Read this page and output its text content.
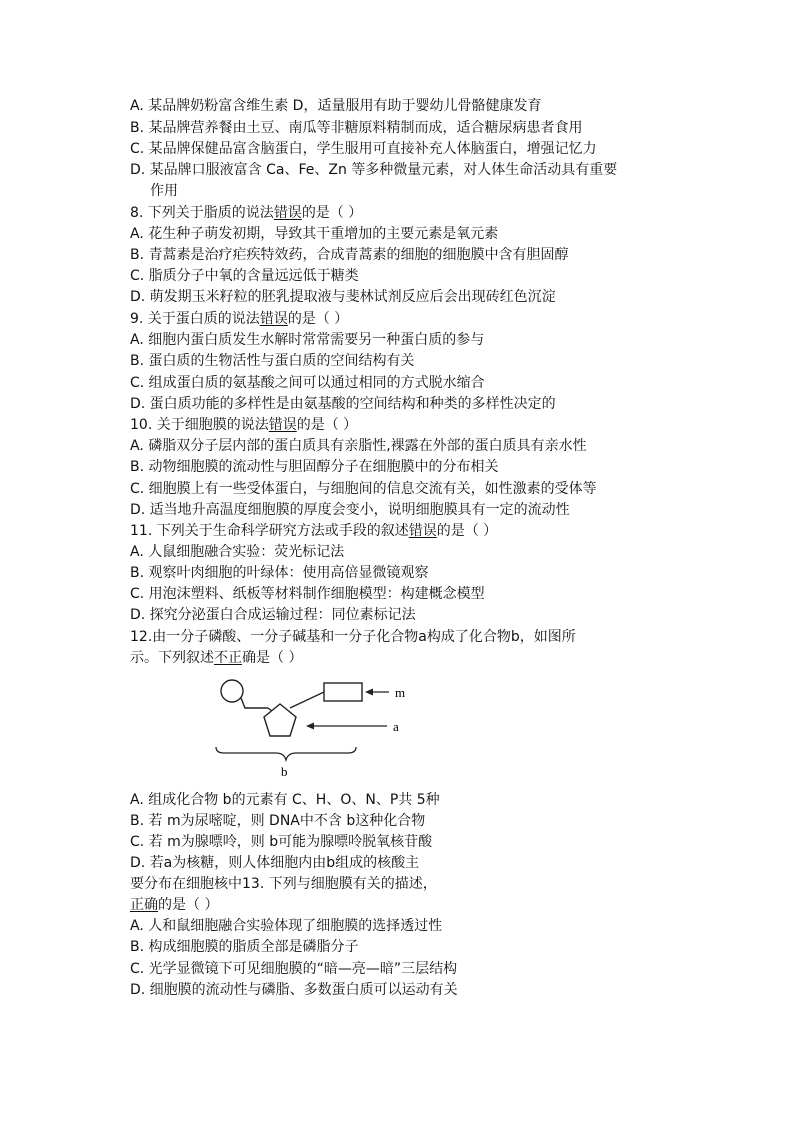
A. 某品牌奶粉富含维生素 D，适量服用有助于婴幼儿骨骼健康发育
B. 某品牌营养餐由土豆、南瓜等非糖原料精制而成，适合糖尿病患者食用
C. 某品牌保健品富含脑蛋白，学生服用可直接补充人体脑蛋白，增强记忆力
D. 某品牌口服液富含 Ca、Fe、Zn 等多种微量元素，对人体生命活动具有重要
作用
8. 下列关于脂质的说法错误的是（ ）
A. 花生种子萌发初期，导致其干重增加的主要元素是氧元素
B. 青蒿素是治疗疟疾特效药，合成青蒿素的细胞的细胞膜中含有胆固醇
C. 脂质分子中氧的含量远远低于糖类
D. 萌发期玉米籽粒的胚乳提取液与斐林试剂反应后会出现砖红色沉淀
9. 关于蛋白质的说法错误的是（ ）
A. 细胞内蛋白质发生水解时常常需要另一种蛋白质的参与
B. 蛋白质的生物活性与蛋白质的空间结构有关
C. 组成蛋白质的氨基酸之间可以通过相同的方式脱水缩合
D. 蛋白质功能的多样性是由氨基酸的空间结构和种类的多样性决定的
10. 关于细胞膜的说法错误的是（ ）
A. 磷脂双分子层内部的蛋白质具有亲脂性,裸露在外部的蛋白质具有亲水性
B. 动物细胞膜的流动性与胆固醇分子在细胞膜中的分布相关
C. 细胞膜上有一些受体蛋白，与细胞间的信息交流有关，如性激素的受体等
D. 适当地升高温度细胞膜的厚度会变小，说明细胞膜具有一定的流动性
11. 下列关于生命科学研究方法或手段的叙述错误的是（ ）
A. 人鼠细胞融合实验：荧光标记法
B. 观察叶肉细胞的叶绿体：使用高倍显微镜观察
C. 用泡沫塑料、纸板等材料制作细胞模型：构建概念模型
D. 探究分泌蛋白合成运输过程：同位素标记法
12.由一分子磷酸、一分子碱基和一分子化合物a构成了化合物b，如图所
示。下列叙述不正确是（ ）
m
a
b
A. 组成化合物 b的元素有 C、H、O、N、P共 5种
B. 若 m为尿嘧啶，则 DNA中不含 b这种化合物
C. 若 m为腺嘌呤，则 b可能为腺嘌呤脱氧核苷酸
D. 若a为核糖，则人体细胞内由b组成的核酸主
要分布在细胞核中13. 下列与细胞膜有关的描述，
正确的是（ ）
A. 人和鼠细胞融合实验体现了细胞膜的选择透过性
B. 构成细胞膜的脂质全部是磷脂分子
C. 光学显微镜下可见细胞膜的“暗—亮—暗”三层结构
D. 细胞膜的流动性与磷脂、多数蛋白质可以运动有关
